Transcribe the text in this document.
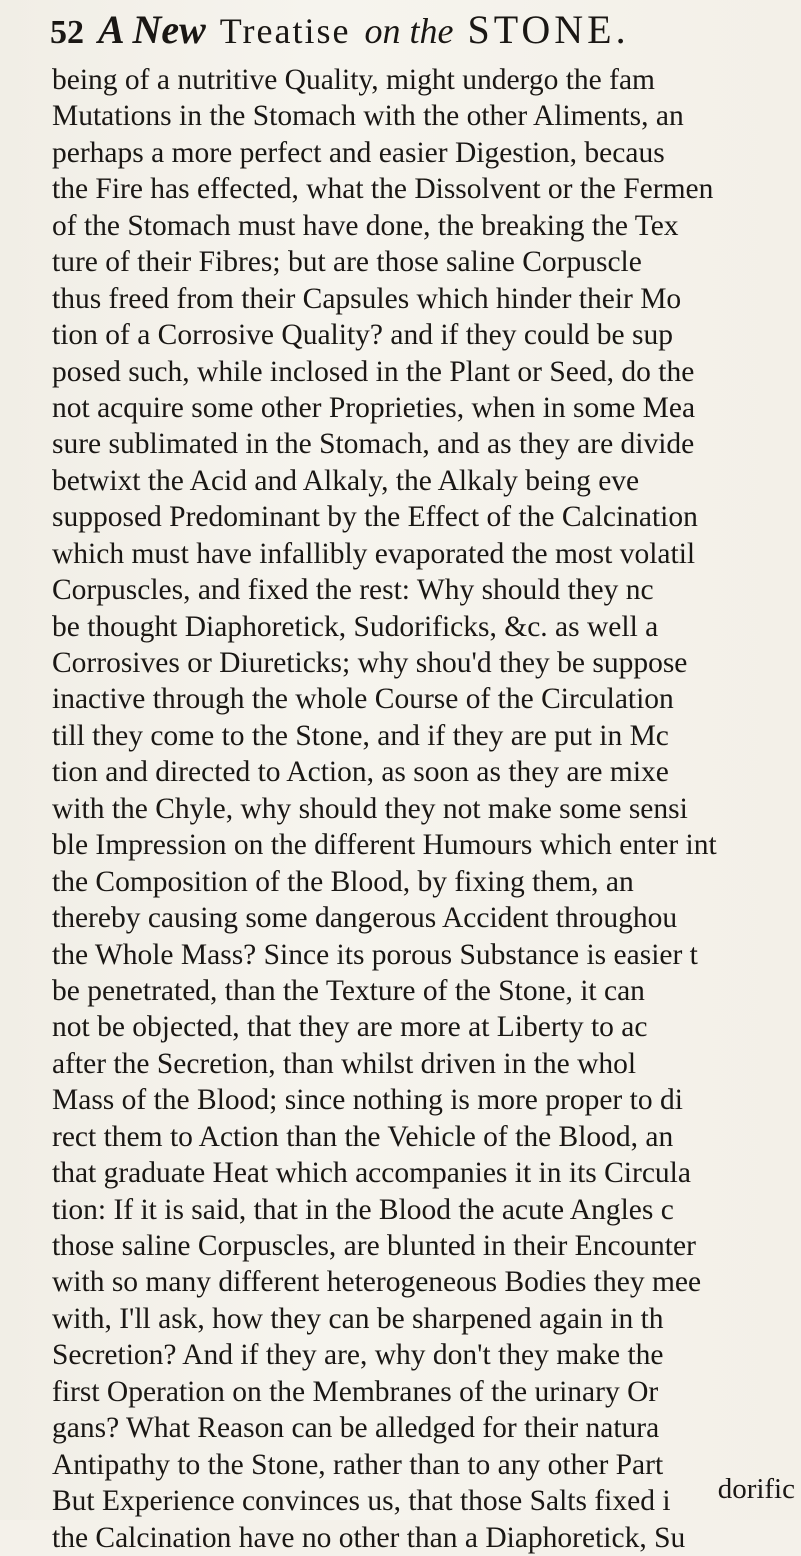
52 A New Treatise on the STONE.
being of a nutritive Quality, might undergo the fam
Mutations in the Stomach with the other Aliments, an
perhaps a more perfect and easier Digestion, becaus
the Fire has effected, what the Dissolvent or the Fermen
of the Stomach must have done, the breaking the Tex
ture of their Fibres; but are those saline Corpuscle
thus freed from their Capsules which hinder their Mo
tion of a Corrosive Quality? and if they could be sup
posed such, while inclosed in the Plant or Seed, do the
not acquire some other Proprieties, when in some Mea
sure sublimated in the Stomach, and as they are divide
betwixt the Acid and Alkaly, the Alkaly being eve
supposed Predominant by the Effect of the Calcination
which must have infallibly evaporated the most volatil
Corpuscles, and fixed the rest: Why should they nc
be thought Diaphoretick, Sudorificks, &c. as well a
Corrosives or Diureticks; why shou'd they be suppose
inactive through the whole Course of the Circulation
till they come to the Stone, and if they are put in Mc
tion and directed to Action, as soon as they are mixe
with the Chyle, why should they not make some sensi
ble Impression on the different Humours which enter int
the Composition of the Blood, by fixing them, an
thereby causing some dangerous Accident throughou
the Whole Mass? Since its porous Substance is easier t
be penetrated, than the Texture of the Stone, it can
not be objected, that they are more at Liberty to ac
after the Secretion, than whilst driven in the whol
Mass of the Blood; since nothing is more proper to di
rect them to Action than the Vehicle of the Blood, an
that graduate Heat which accompanies it in its Circula
tion: If it is said, that in the Blood the acute Angles c
those saline Corpuscles, are blunted in their Encounter
with so many different heterogeneous Bodies they mee
with, I'll ask, how they can be sharpened again in th
Secretion? And if they are, why don't they make the
first Operation on the Membranes of the urinary Or
gans? What Reason can be alledged for their natura
Antipathy to the Stone, rather than to any other Part
But Experience convinces us, that those Salts fixed i
the Calcination have no other than a Diaphoretick, Su
dorific
